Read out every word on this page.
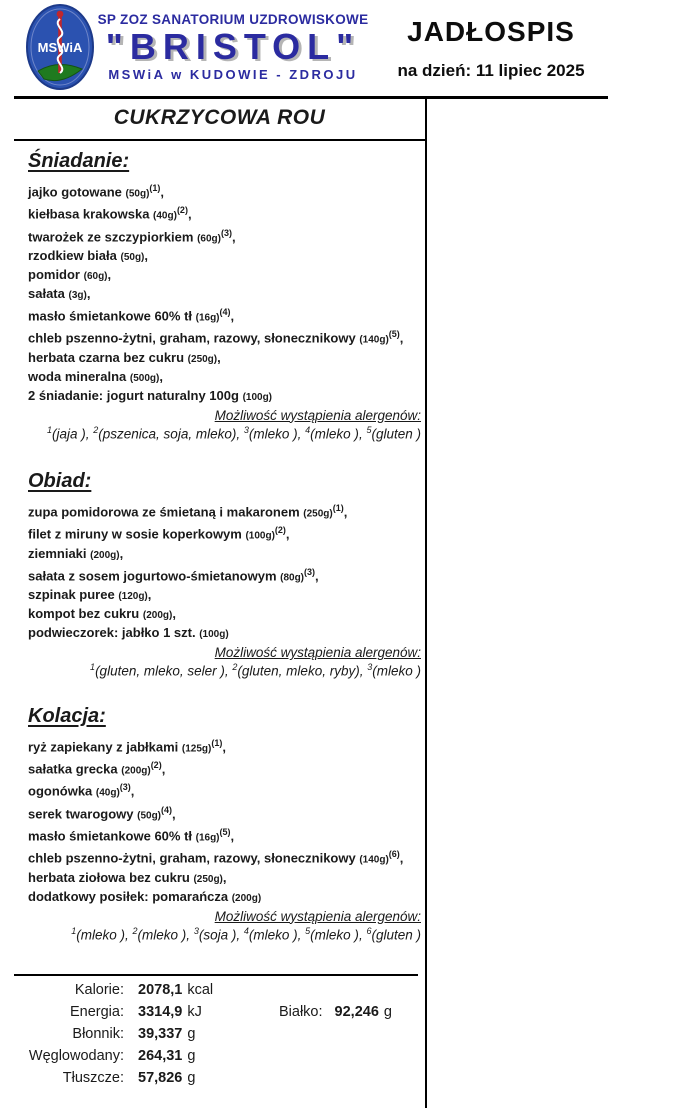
MSWiA
SP ZOZ SANATORIUM UZDROWISKOWE
"BRISTOL"
MSWiA w KUDOWIE - ZDROJU
JADŁOSPIS
na dzień: 11 lipiec 2025
CUKRZYCOWA ROU
Śniadanie:
jajko gotowane (50g)$^{(1)}$,
kiełbasa krakowska (40g)$^{(2)}$,
twarożek ze szczypiorkiem (60g)$^{(3)}$,
rzodkiew biała (50g),
pomidor (60g),
sałata (3g),
masło śmietankowe 60% tł (16g)$^{(4)}$,
chleb pszenno-żytni, graham, razowy, słonecznikowy (140g)$^{(5)}$,
herbata czarna bez cukru (250g),
woda mineralna (500g),
2 śniadanie: jogurt naturalny 100g (100g)
Możliwość wystąpienia alergenów:
$^1$(jaja ), $^2$(pszenica, soja, mleko), $^3$(mleko ), $^4$(mleko ), $^5$(gluten )
Obiad:
zupa pomidorowa ze śmietaną i makaronem (250g)$^{(1)}$,
filet z miruny w sosie koperkowym (100g)$^{(2)}$,
ziemniaki (200g),
sałata z sosem jogurtowo-śmietanowym (80g)$^{(3)}$,
szpinak puree (120g),
kompot bez cukru (200g),
podwieczorek: jabłko 1 szt. (100g)
Możliwość wystąpienia alergenów:
$^1$(gluten, mleko, seler ), $^2$(gluten, mleko, ryby), $^3$(mleko )
Kolacja:
ryż zapiekany z jabłkami (125g)$^{(1)}$,
sałatka grecka (200g)$^{(2)}$,
ogonówka (40g)$^{(3)}$,
serek twarogowy (50g)$^{(4)}$,
masło śmietankowe 60% tł (16g)$^{(5)}$,
chleb pszenno-żytni, graham, razowy, słonecznikowy (140g)$^{(6)}$,
herbata ziołowa bez cukru (250g),
dodatkowy posiłek: pomarańcza (200g)
Możliwość wystąpienia alergenów:
$^1$(mleko ), $^2$(mleko ), $^3$(soja ), $^4$(mleko ), $^5$(mleko ), $^6$(gluten )
Kalorie: 2078,1 kcal
Energia: 3314,9 kJ	Białko: 92,246 g
Błonnik: 39,337 g
Węglowodany: 264,31 g
Tłuszcze: 57,826 g
